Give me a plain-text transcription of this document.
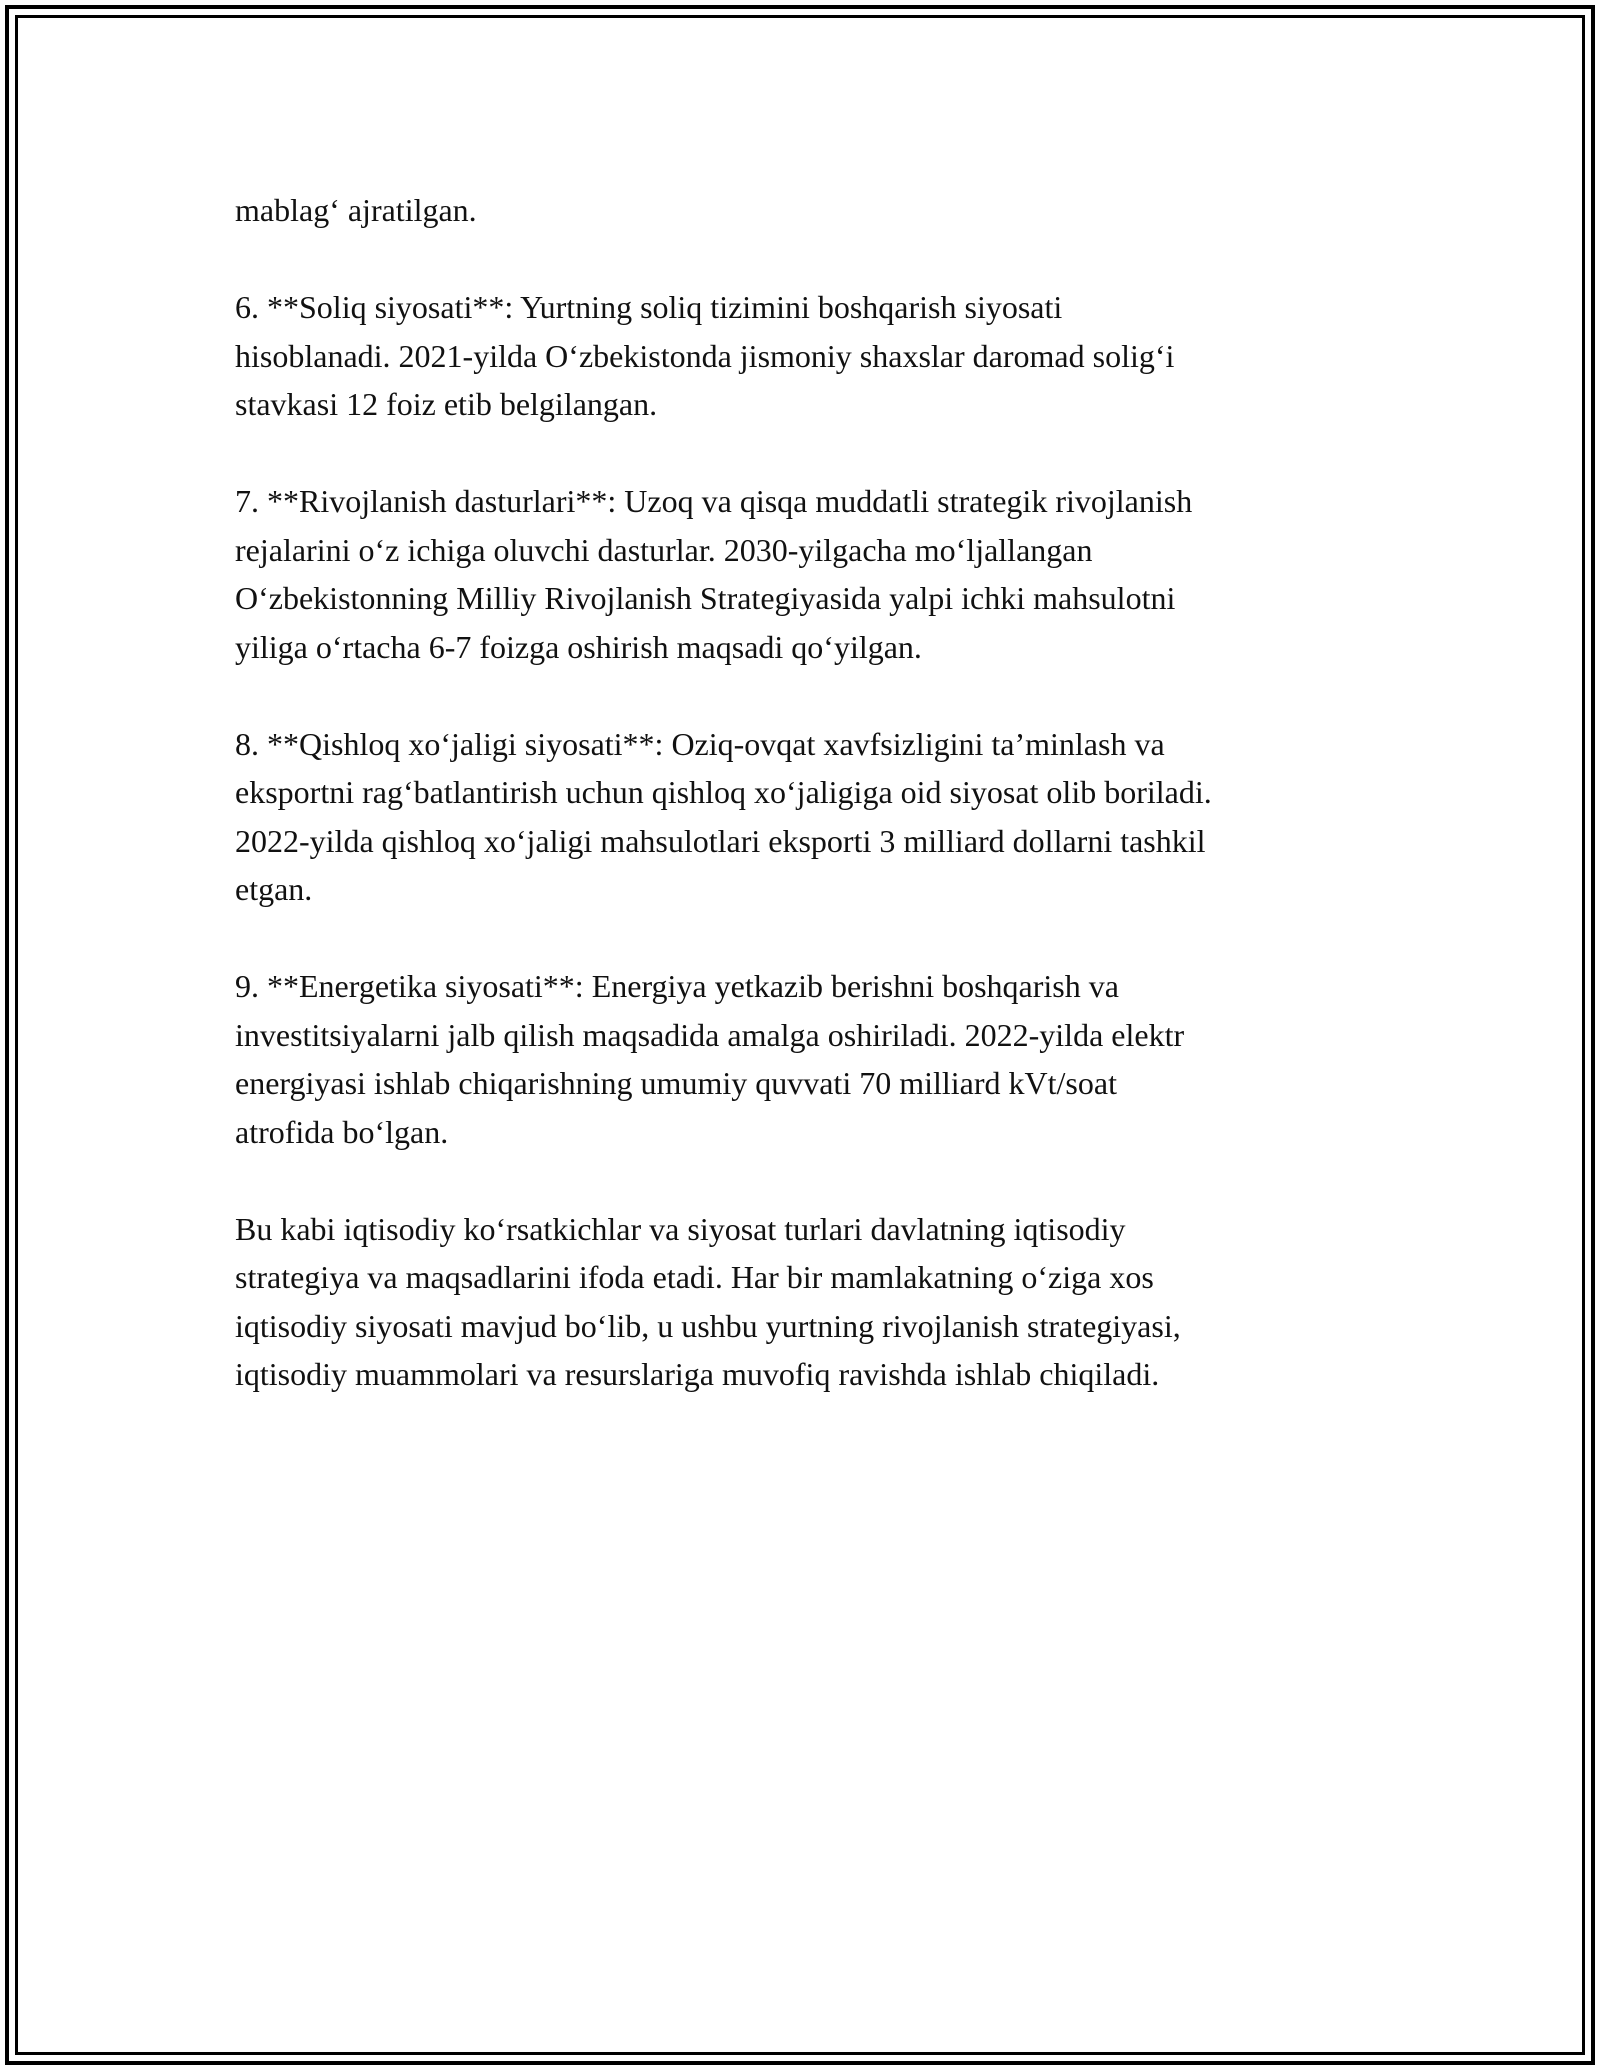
mablag‘ ajratilgan.

6. **Soliq siyosati**: Yurtning soliq tizimini boshqarish siyosati
hisoblanadi. 2021-yilda O‘zbekistonda jismoniy shaxslar daromad solig‘i
stavkasi 12 foiz etib belgilangan.

7. **Rivojlanish dasturlari**: Uzoq va qisqa muddatli strategik rivojlanish
rejalarini o‘z ichiga oluvchi dasturlar. 2030-yilgacha mo‘ljallangan
O‘zbekistonning Milliy Rivojlanish Strategiyasida yalpi ichki mahsulotni
yiliga o‘rtacha 6-7 foizga oshirish maqsadi qo‘yilgan.

8. **Qishloq xo‘jaligi siyosati**: Oziq-ovqat xavfsizligini ta’minlash va
eksportni rag‘batlantirish uchun qishloq xo‘jaligiga oid siyosat olib boriladi.
2022-yilda qishloq xo‘jaligi mahsulotlari eksporti 3 milliard dollarni tashkil
etgan.

9. **Energetika siyosati**: Energiya yetkazib berishni boshqarish va
investitsiyalarni jalb qilish maqsadida amalga oshiriladi. 2022-yilda elektr
energiyasi ishlab chiqarishning umumiy quvvati 70 milliard kVt/soat
atrofida bo‘lgan.

Bu kabi iqtisodiy ko‘rsatkichlar va siyosat turlari davlatning iqtisodiy
strategiya va maqsadlarini ifoda etadi. Har bir mamlakatning o‘ziga xos
iqtisodiy siyosati mavjud bo‘lib, u ushbu yurtning rivojlanish strategiyasi,
iqtisodiy muammolari va resurslariga muvofiq ravishda ishlab chiqiladi.
